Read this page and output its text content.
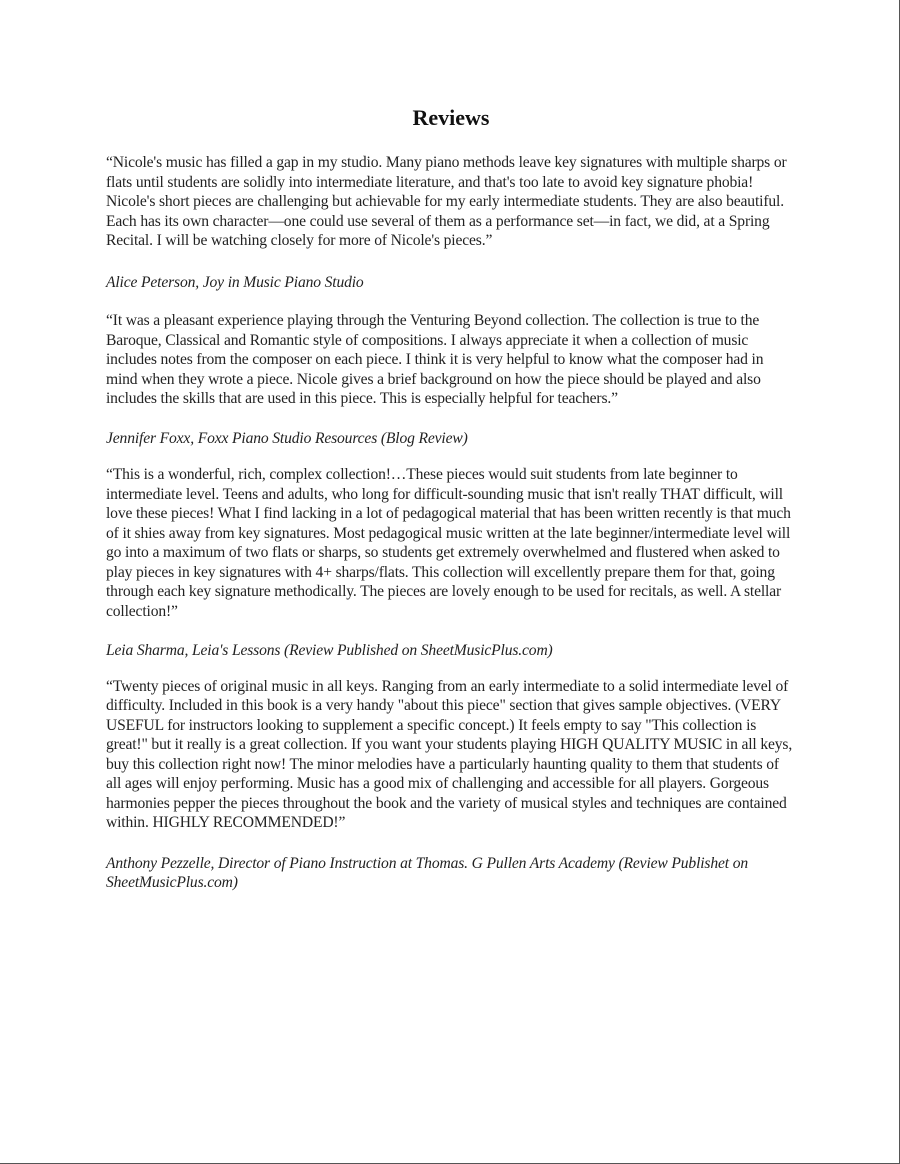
Reviews

“Nicole's music has filled a gap in my studio. Many piano methods leave key signatures with multiple sharps or flats until students are solidly into intermediate literature, and that's too late to avoid key signature phobia! Nicole's short pieces are challenging but achievable for my early intermediate students. They are also beautiful. Each has its own character—one could use several of them as a performance set—in fact, we did, at a Spring Recital. I will be watching closely for more of Nicole's pieces.”

Alice Peterson, Joy in Music Piano Studio

“It was a pleasant experience playing through the Venturing Beyond collection. The collection is true to the Baroque, Classical and Romantic style of compositions. I always appreciate it when a collection of music includes notes from the composer on each piece. I think it is very helpful to know what the composer had in mind when they wrote a piece. Nicole gives a brief background on how the piece should be played and also includes the skills that are used in this piece. This is especially helpful for teachers.”

Jennifer Foxx, Foxx Piano Studio Resources (Blog Review)

“This is a wonderful, rich, complex collection!…These pieces would suit students from late beginner to intermediate level. Teens and adults, who long for difficult-sounding music that isn't really THAT difficult, will love these pieces! What I find lacking in a lot of pedagogical material that has been written recently is that much of it shies away from key signatures. Most pedagogical music written at the late beginner/intermediate level will go into a maximum of two flats or sharps, so students get extremely overwhelmed and flustered when asked to play pieces in key signatures with 4+ sharps/flats. This collection will excellently prepare them for that, going through each key signature methodically. The pieces are lovely enough to be used for recitals, as well. A stellar collection!”

Leia Sharma, Leia's Lessons (Review Published on SheetMusicPlus.com)

“Twenty pieces of original music in all keys. Ranging from an early intermediate to a solid intermediate level of difficulty. Included in this book is a very handy "about this piece" section that gives sample objectives. (VERY USEFUL for instructors looking to supplement a specific concept.) It feels empty to say "This collection is great!" but it really is a great collection. If you want your students playing HIGH QUALITY MUSIC in all keys, buy this collection right now! The minor melodies have a particularly haunting quality to them that students of all ages will enjoy performing. Music has a good mix of challenging and accessible for all players. Gorgeous harmonies pepper the pieces throughout the book and the variety of musical styles and techniques are contained within. HIGHLY RECOMMENDED!”

Anthony Pezzelle, Director of Piano Instruction at Thomas. G Pullen Arts Academy (Review Publishet on SheetMusicPlus.com)
